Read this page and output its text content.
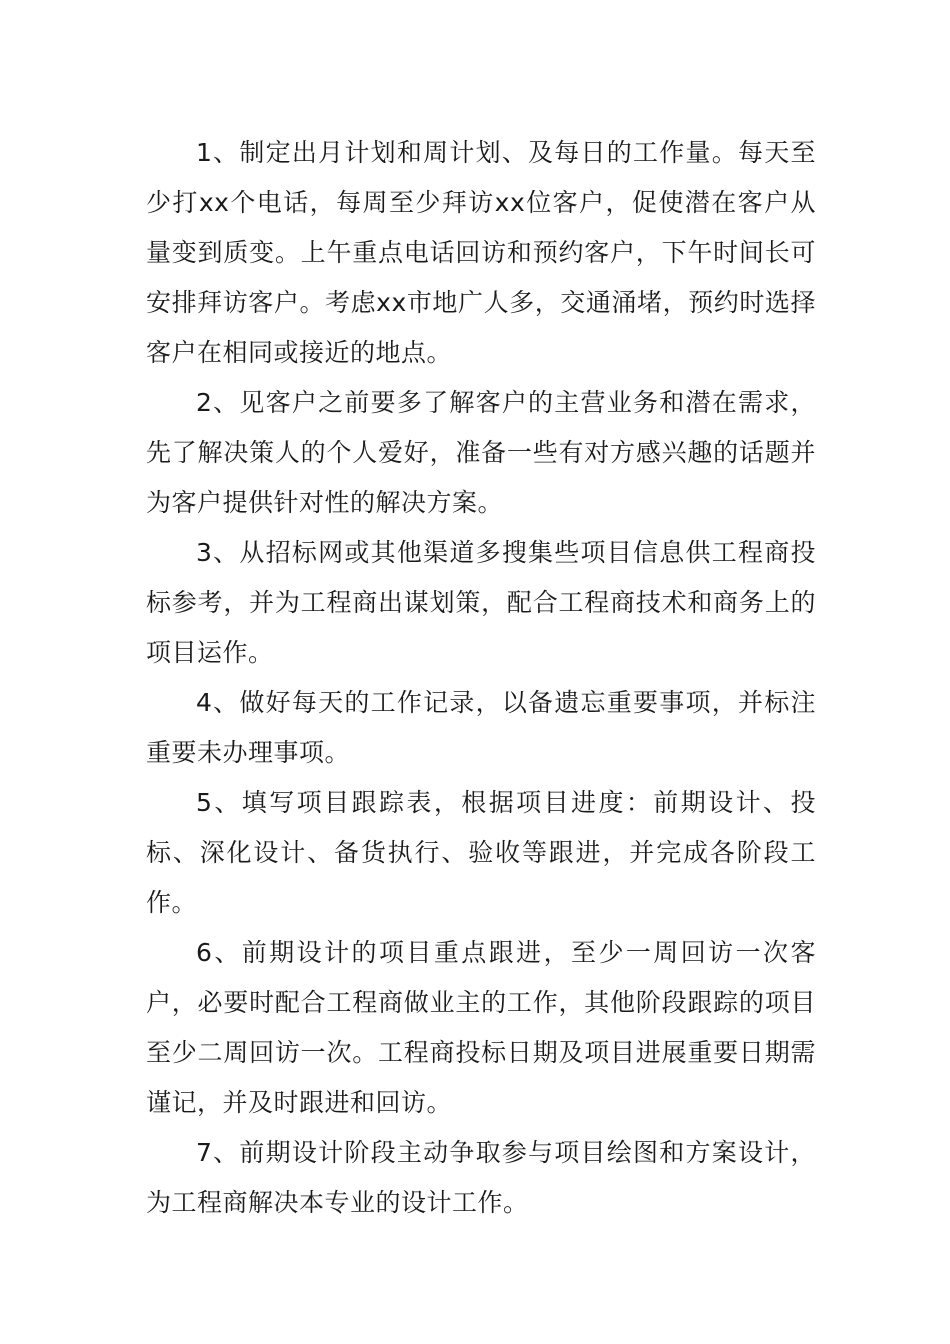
1、制定出月计划和周计划、及每日的工作量。每天至少打xx个电话，每周至少拜访xx位客户，促使潜在客户从量变到质变。上午重点电话回访和预约客户，下午时间长可安排拜访客户。考虑xx市地广人多，交通涌堵，预约时选择客户在相同或接近的地点。

2、见客户之前要多了解客户的主营业务和潜在需求，先了解决策人的个人爱好，准备一些有对方感兴趣的话题并为客户提供针对性的解决方案。

3、从招标网或其他渠道多搜集些项目信息供工程商投标参考，并为工程商出谋划策，配合工程商技术和商务上的项目运作。

4、做好每天的工作记录，以备遗忘重要事项，并标注重要未办理事项。

5、填写项目跟踪表，根据项目进度：前期设计、投标、深化设计、备货执行、验收等跟进，并完成各阶段工作。

6、前期设计的项目重点跟进，至少一周回访一次客户，必要时配合工程商做业主的工作，其他阶段跟踪的项目至少二周回访一次。工程商投标日期及项目进展重要日期需谨记，并及时跟进和回访。

7、前期设计阶段主动争取参与项目绘图和方案设计，为工程商解决本专业的设计工作。
